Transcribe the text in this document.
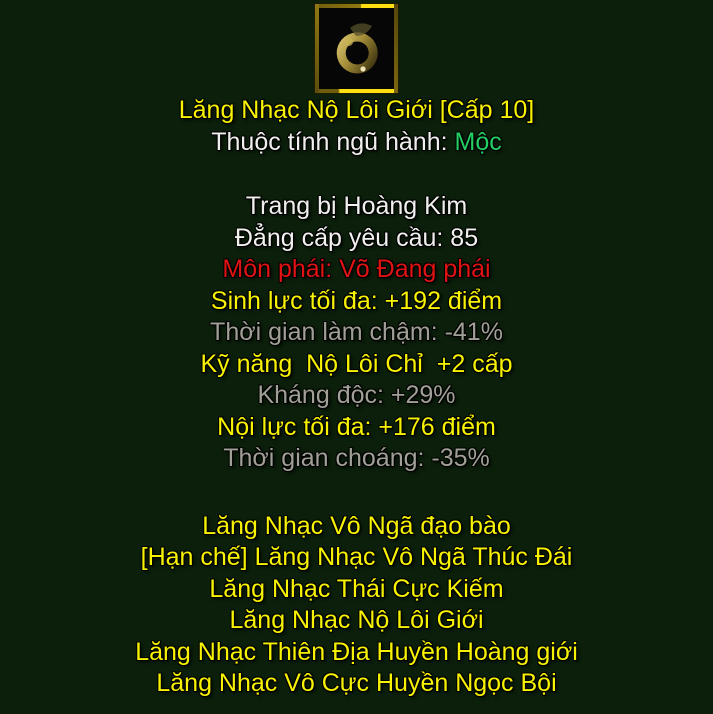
Lăng Nhạc Nộ Lôi Giới [Cấp 10]
Thuộc tính ngũ hành: Mộc
Trang bị Hoàng Kim
Đẳng cấp yêu cầu: 85
Môn phái: Võ Đang phái
Sinh lực tối đa: +192 điểm
Thời gian làm chậm: -41%
Kỹ năng  Nộ Lôi Chỉ  +2 cấp
Kháng độc: +29%
Nội lực tối đa: +176 điểm
Thời gian choáng: -35%
Lăng Nhạc Vô Ngã đạo bào
[Hạn chế] Lăng Nhạc Vô Ngã Thúc Đái
Lăng Nhạc Thái Cực Kiếm
Lăng Nhạc Nộ Lôi Giới
Lăng Nhạc Thiên Địa Huyền Hoàng giới
Lăng Nhạc Vô Cực Huyền Ngọc Bội
